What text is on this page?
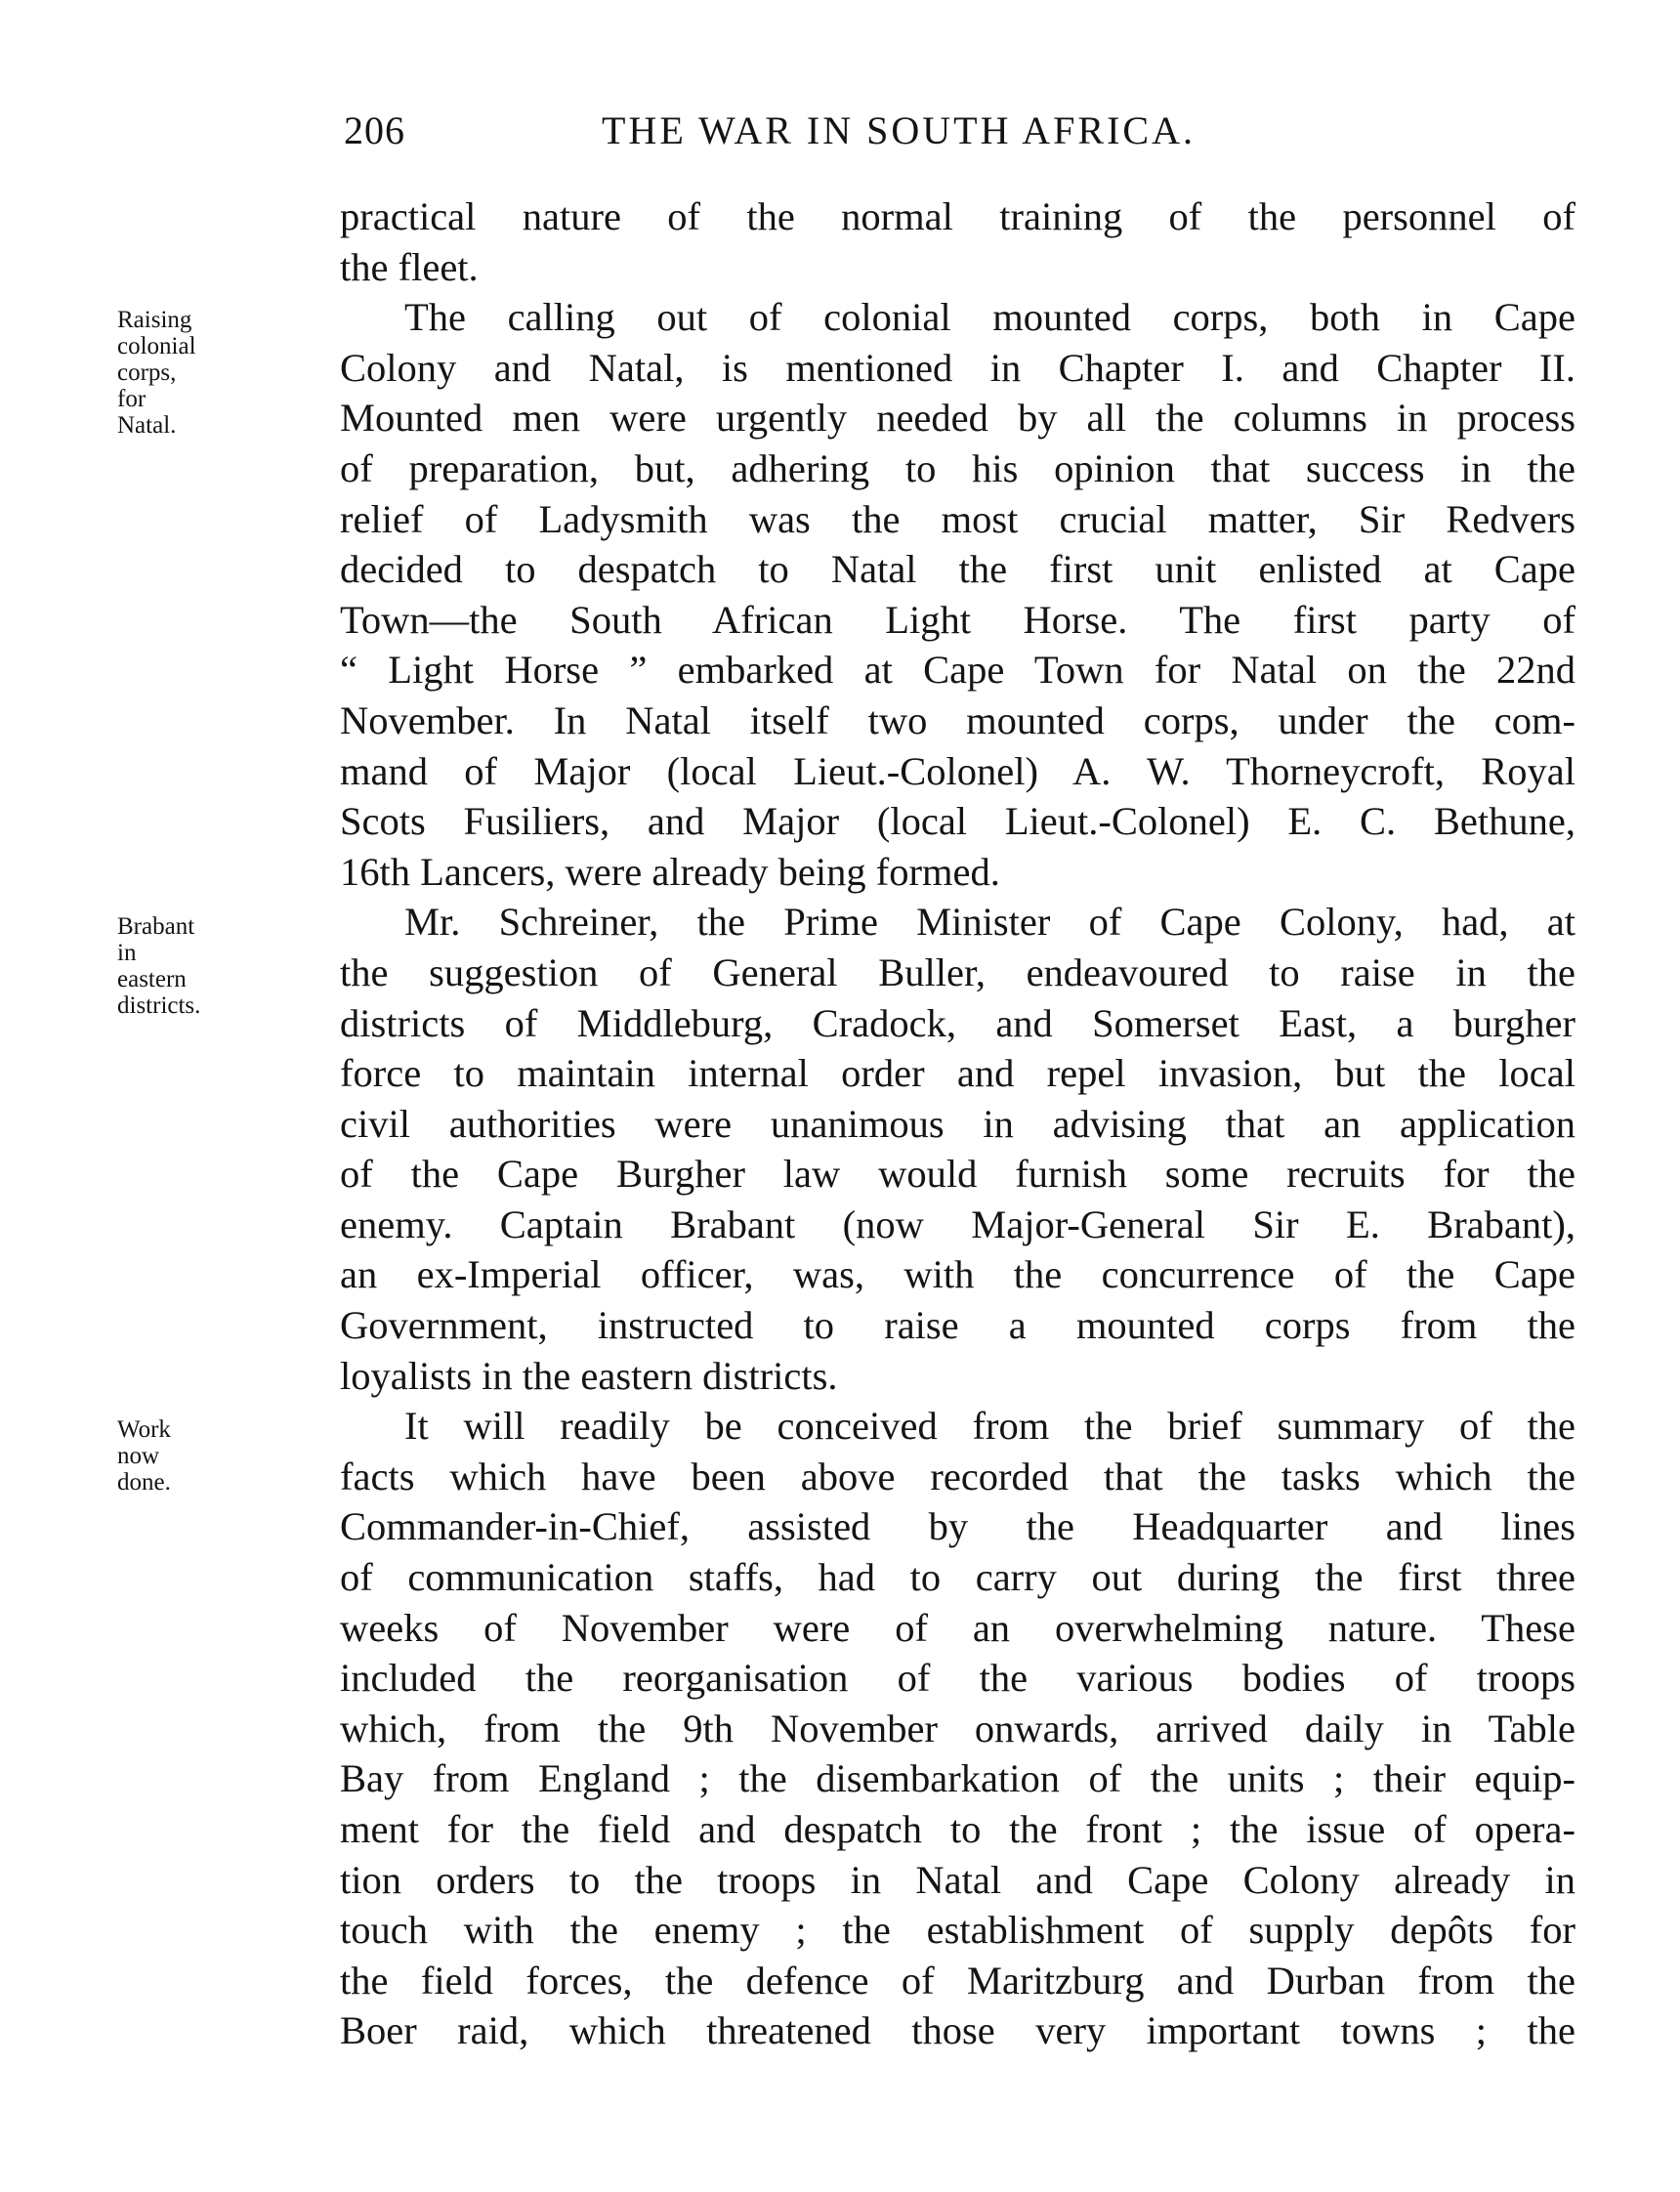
206	THE WAR IN SOUTH AFRICA.
Raising
colonial
corps,
for
Natal.
Brabant
in
eastern
districts.
Work
now
done.
practical nature of the normal training of the personnel of
the fleet.
The calling out of colonial mounted corps, both in Cape
Colony and Natal, is mentioned in Chapter I. and Chapter II.
Mounted men were urgently needed by all the columns in process
of preparation, but, adhering to his opinion that success in the
relief of Ladysmith was the most crucial matter, Sir Redvers
decided to despatch to Natal the first unit enlisted at Cape
Town—the South African Light Horse. The first party of
“ Light Horse ” embarked at Cape Town for Natal on the 22nd
November. In Natal itself two mounted corps, under the com-
mand of Major (local Lieut.-Colonel) A. W. Thorneycroft, Royal
Scots Fusiliers, and Major (local Lieut.-Colonel) E. C. Bethune,
16th Lancers, were already being formed.
Mr. Schreiner, the Prime Minister of Cape Colony, had, at
the suggestion of General Buller, endeavoured to raise in the
districts of Middleburg, Cradock, and Somerset East, a burgher
force to maintain internal order and repel invasion, but the local
civil authorities were unanimous in advising that an application
of the Cape Burgher law would furnish some recruits for the
enemy. Captain Brabant (now Major-General Sir E. Brabant),
an ex-Imperial officer, was, with the concurrence of the Cape
Government, instructed to raise a mounted corps from the
loyalists in the eastern districts.
It will readily be conceived from the brief summary of the
facts which have been above recorded that the tasks which the
Commander-in-Chief, assisted by the Headquarter and lines
of communication staffs, had to carry out during the first three
weeks of November were of an overwhelming nature. These
included the reorganisation of the various bodies of troops
which, from the 9th November onwards, arrived daily in Table
Bay from England ; the disembarkation of the units ; their equip-
ment for the field and despatch to the front ; the issue of opera-
tion orders to the troops in Natal and Cape Colony already in
touch with the enemy ; the establishment of supply depôts for
the field forces, the defence of Maritzburg and Durban from the
Boer raid, which threatened those very important towns ; the
